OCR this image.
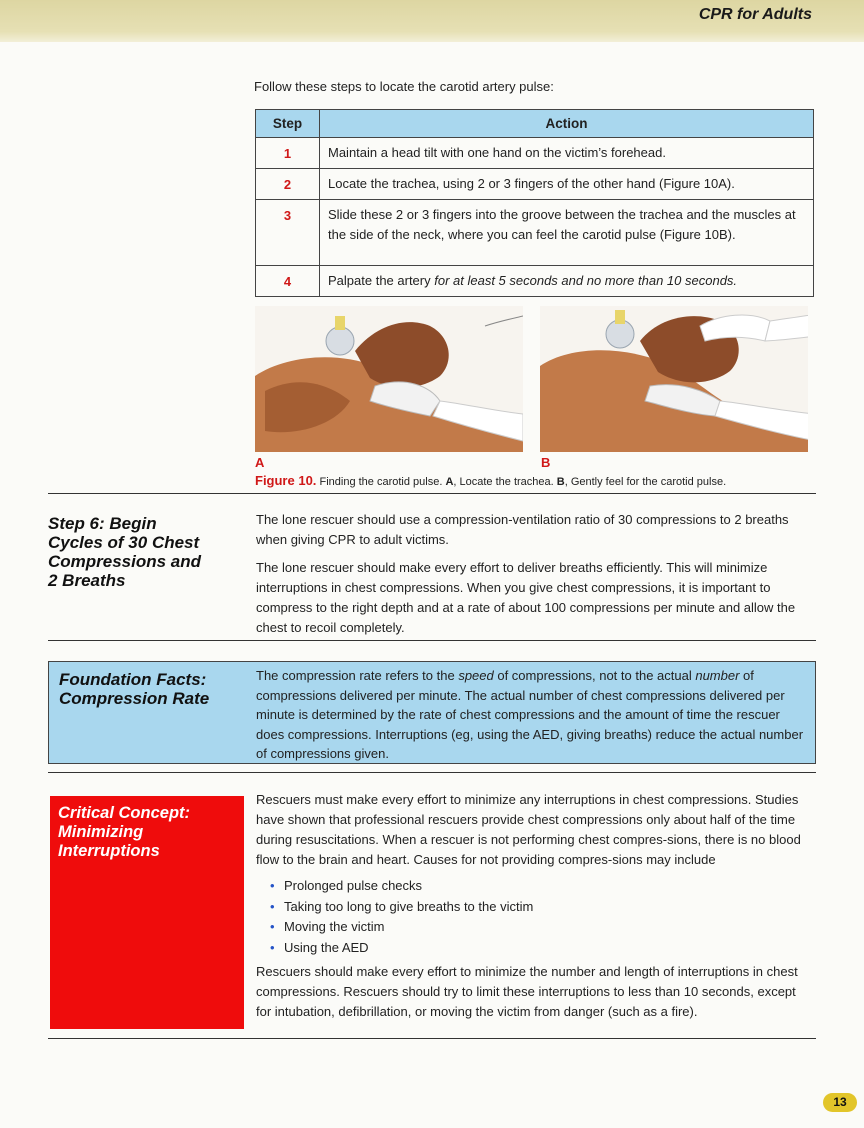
CPR for Adults
Follow these steps to locate the carotid artery pulse:
Step	Action
1	Maintain a head tilt with one hand on the victim’s forehead.
2	Locate the trachea, using 2 or 3 fingers of the other hand (Figure 10A).
3	Slide these 2 or 3 fingers into the groove between the trachea and the muscles at the side of the neck, where you can feel the carotid pulse (Figure 10B).
4	Palpate the artery for at least 5 seconds and no more than 10 seconds.
A	B
Figure 10. Finding the carotid pulse. A, Locate the trachea. B, Gently feel for the carotid pulse.
Step 6: Begin
Cycles of 30 Chest
Compressions and
2 Breaths

The lone rescuer should use a compression-ventilation ratio of 30 compressions to 2 breaths when giving CPR to adult victims.

The lone rescuer should make every effort to deliver breaths efficiently. This will minimize interruptions in chest compressions. When you give chest compressions, it is important to compress to the right depth and at a rate of about 100 compressions per minute and allow the chest to recoil completely.

Foundation Facts:
Compression Rate
The compression rate refers to the speed of compressions, not to the actual number of compressions delivered per minute. The actual number of chest compressions delivered per minute is determined by the rate of chest compressions and the amount of time the rescuer does compressions. Interruptions (eg, using the AED, giving breaths) reduce the actual number of compressions given.
Critical Concept:
Minimizing
Interruptions

Rescuers must make every effort to minimize any interruptions in chest compressions. Studies have shown that professional rescuers provide chest compressions only about half of the time during resuscitations. When a rescuer is not performing chest compres-sions, there is no blood flow to the brain and heart. Causes for not providing compres-sions may include

• Prolonged pulse checks
• Taking too long to give breaths to the victim
• Moving the victim
• Using the AED

Rescuers should make every effort to minimize the number and length of interruptions in chest compressions. Rescuers should try to limit these interruptions to less than 10 seconds, except for intubation, defibrillation, or moving the victim from danger (such as a fire).

13
